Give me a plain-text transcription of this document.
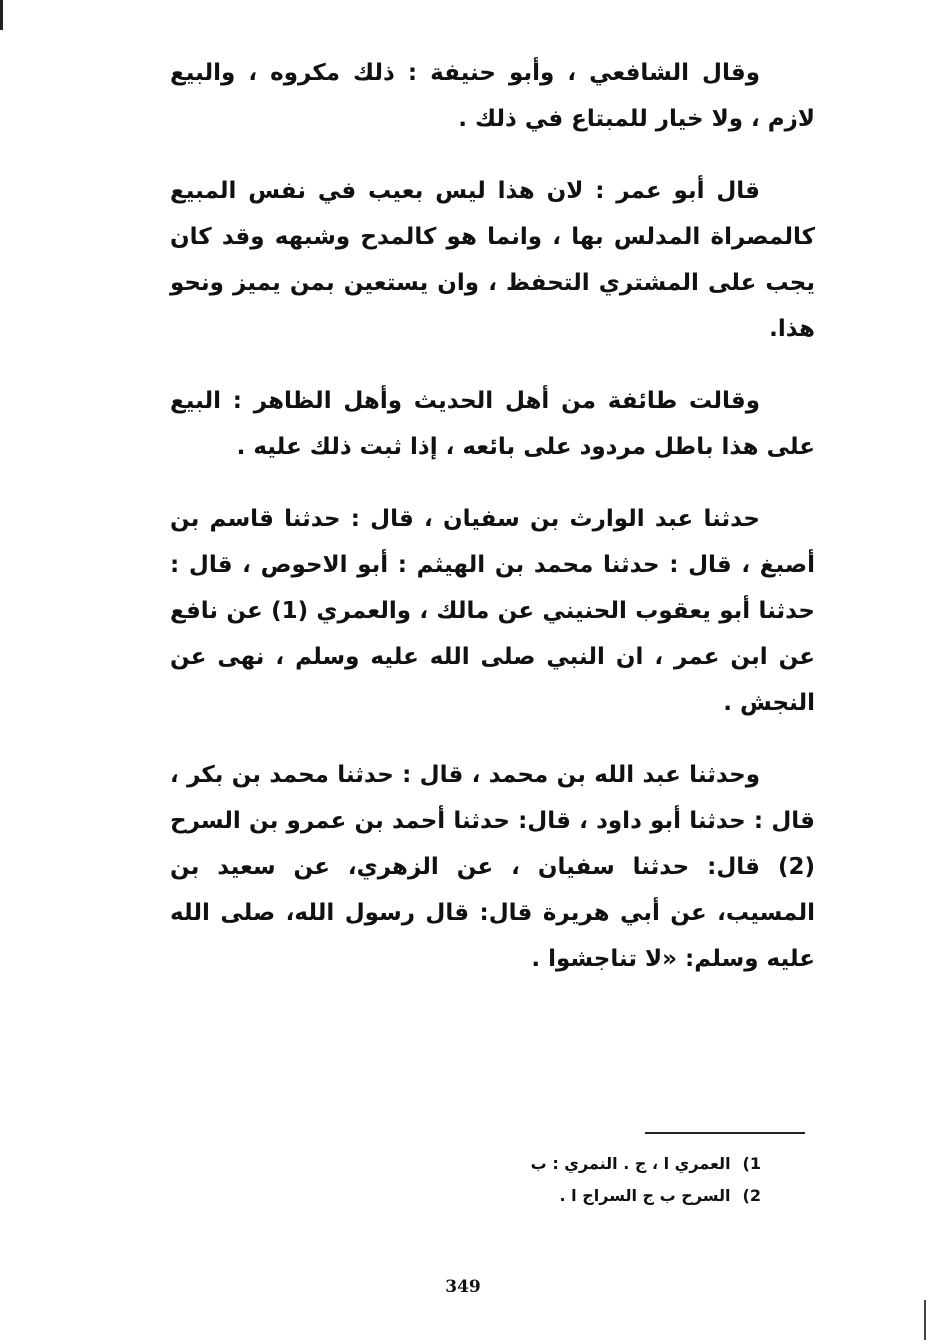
وقال الشافعي ، وأبو حنيفة : ذلك مكروه ، والبيع لازم ، ولا خيار للمبتاع في ذلك .

قال أبو عمر : لان هذا ليس بعيب في نفس المبيع كالمصراة المدلس بها ، وانما هو كالمدح وشبهه وقد كان يجب على المشتري التحفظ ، وان يستعين بمن يميز ونحو هذا.

وقالت طائفة من أهل الحديث وأهل الظاهر : البيع على هذا باطل مردود على بائعه ، إذا ثبت ذلك عليه .

حدثنا عبد الوارث بن سفيان ، قال : حدثنا قاسم بن أصبغ ، قال : حدثنا محمد بن الهيثم : أبو الاحوص ، قال : حدثنا أبو يعقوب الحنيني عن مالك ، والعمري (1) عن نافع عن ابن عمر ، ان النبي صلى الله عليه وسلم ، نهى عن النجش .

وحدثنا عبد الله بن محمد ، قال : حدثنا محمد بن بكر ، قال : حدثنا أبو داود ، قال: حدثنا أحمد بن عمرو بن السرح (2) قال: حدثنا سفيان ، عن الزهري، عن سعيد بن المسيب، عن أبي هريرة قال: قال رسول الله، صلى الله عليه وسلم: «لا تناجشوا .

1)العمري ا ، ج . النمري : ب
2)السرح ب ج السراج ا .
349
